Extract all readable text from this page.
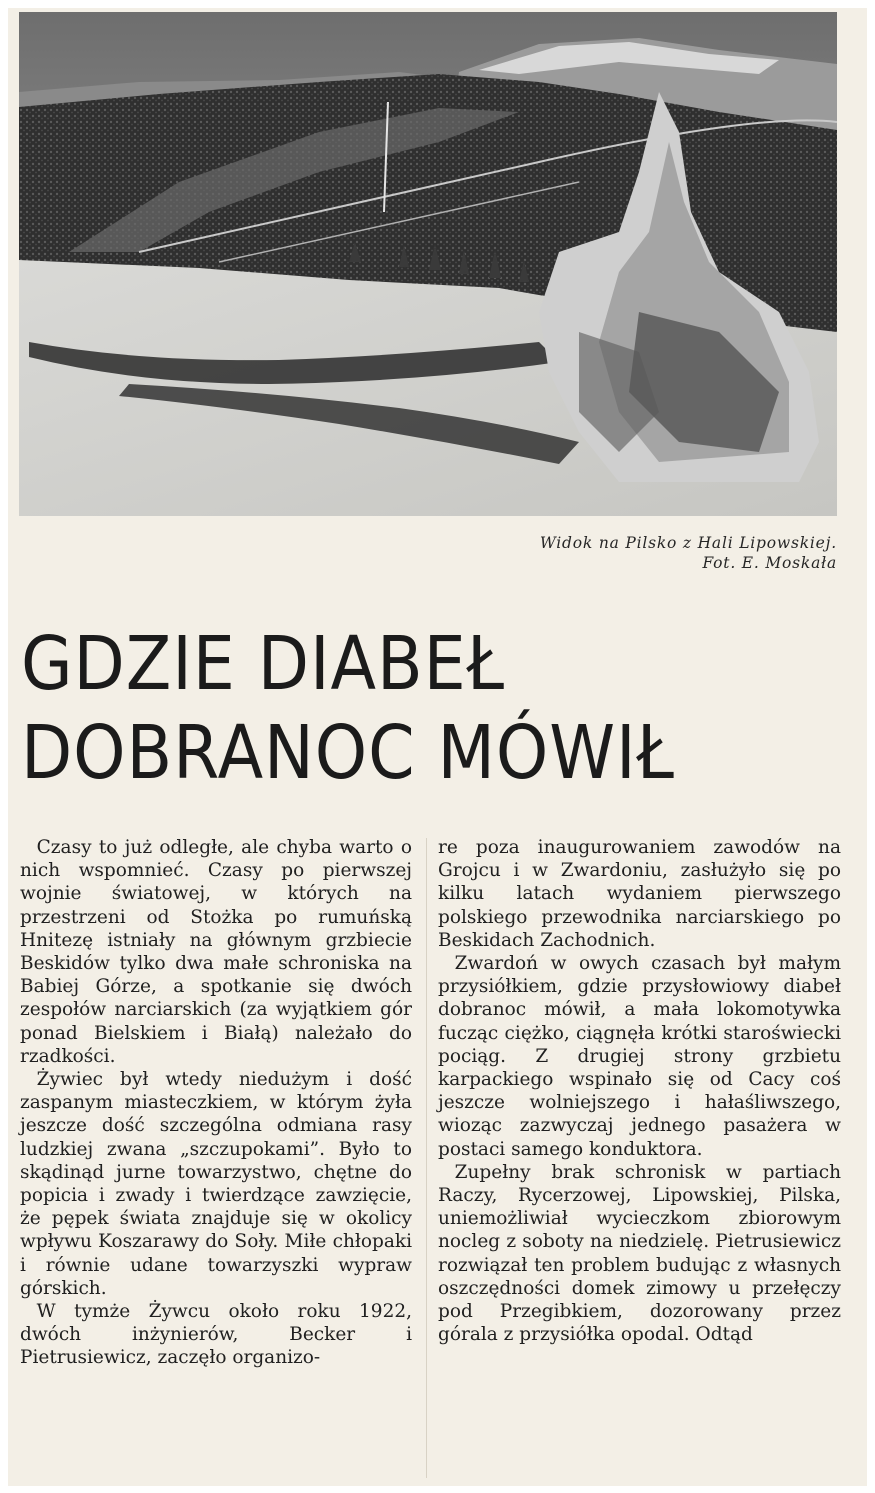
Widok na Pilsko z Hali Lipowskiej.
Fot. E. Moskała
GDZIE DIABEŁ
DOBRANOC MÓWIŁ

Czasy to już odległe, ale chyba warto o nich wspomnieć. Czasy po pierwszej wojnie światowej, w których na przestrzeni od Stożka po rumuńską Hnitezę istniały na głównym grzbiecie Beskidów tylko dwa małe schroniska na Babiej Górze, a spotkanie się dwóch zespołów narciarskich (za wyjątkiem gór ponad Bielskiem i Białą) należało do rzadkości.

Żywiec był wtedy niedużym i dość zaspanym miasteczkiem, w którym żyła jeszcze dość szczególna odmiana rasy ludzkiej zwana „szczupokami”. Było to skądinąd jurne towarzystwo, chętne do popicia i zwady i twierdzące zawzięcie, że pępek świata znajduje się w okolicy wpływu Koszarawy do Soły. Miłe chłopaki i równie udane towarzyszki wypraw górskich.

W tymże Żywcu około roku 1922, dwóch inżynierów, Becker i Pietrusiewicz, zaczęło organizo-

re poza inaugurowaniem zawodów na Grojcu i w Zwardoniu, zasłużyło się po kilku latach wydaniem pierwszego polskiego przewodnika narciarskiego po Beskidach Zachodnich.

Zwardoń w owych czasach był małym przysiółkiem, gdzie przysłowiowy diabeł dobranoc mówił, a mała lokomotywka fucząc ciężko, ciągnęła krótki staroświecki pociąg. Z drugiej strony grzbietu karpackiego wspinało się od Cacy coś jeszcze wolniejszego i hałaśliwszego, wioząc zazwyczaj jednego pasażera w postaci samego konduktora.

Zupełny brak schronisk w partiach Raczy, Rycerzowej, Lipowskiej, Pilska, uniemożliwiał wycieczkom zbiorowym nocleg z soboty na niedzielę. Pietrusiewicz rozwiązał ten problem budując z własnych oszczędności domek zimowy u przełęczy pod Przegibkiem, dozorowany przez górala z przysiółka opodal. Odtąd
